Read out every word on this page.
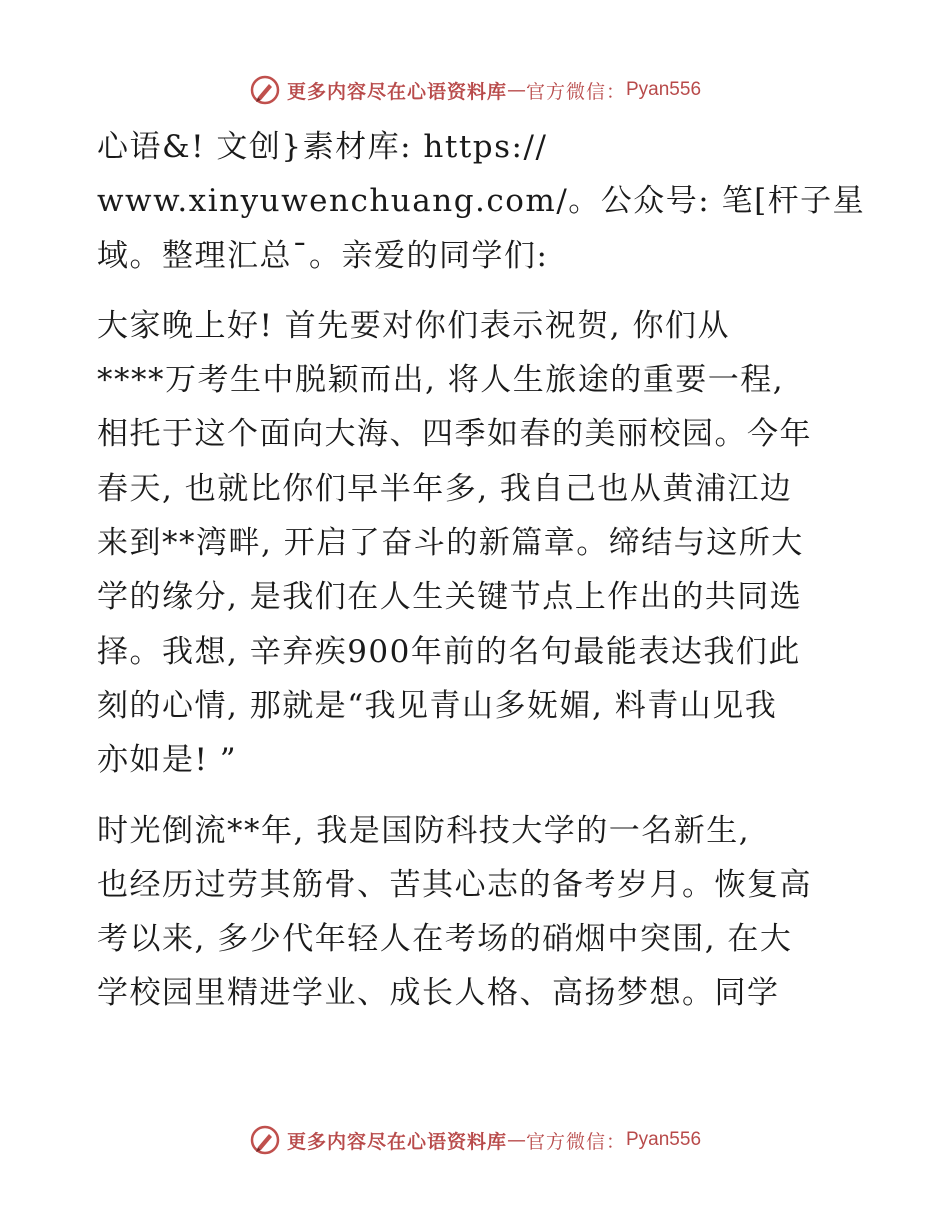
更多内容尽在心语资料库 — 官方微信： Pyan556

心语&! 文创}素材库: https://
www.xinyuwenchuang.com/。公众号: 笔[杆子星
域。整理汇总¯。亲爱的同学们:

大家晚上好! 首先要对你们表示祝贺, 你们从
****万考生中脱颖而出, 将人生旅途的重要一程,
相托于这个面向大海、四季如春的美丽校园。今年
春天, 也就比你们早半年多, 我自己也从黄浦江边
来到**湾畔, 开启了奋斗的新篇章。缔结与这所大
学的缘分, 是我们在人生关键节点上作出的共同选
择。我想, 辛弃疾900年前的名句最能表达我们此
刻的心情, 那就是“我见青山多妩媚, 料青山见我
亦如是! ”

时光倒流**年, 我是国防科技大学的一名新生,
也经历过劳其筋骨、苦其心志的备考岁月。恢复高
考以来, 多少代年轻人在考场的硝烟中突围, 在大
学校园里精进学业、成长人格、高扬梦想。同学

更多内容尽在心语资料库 — 官方微信： Pyan556
